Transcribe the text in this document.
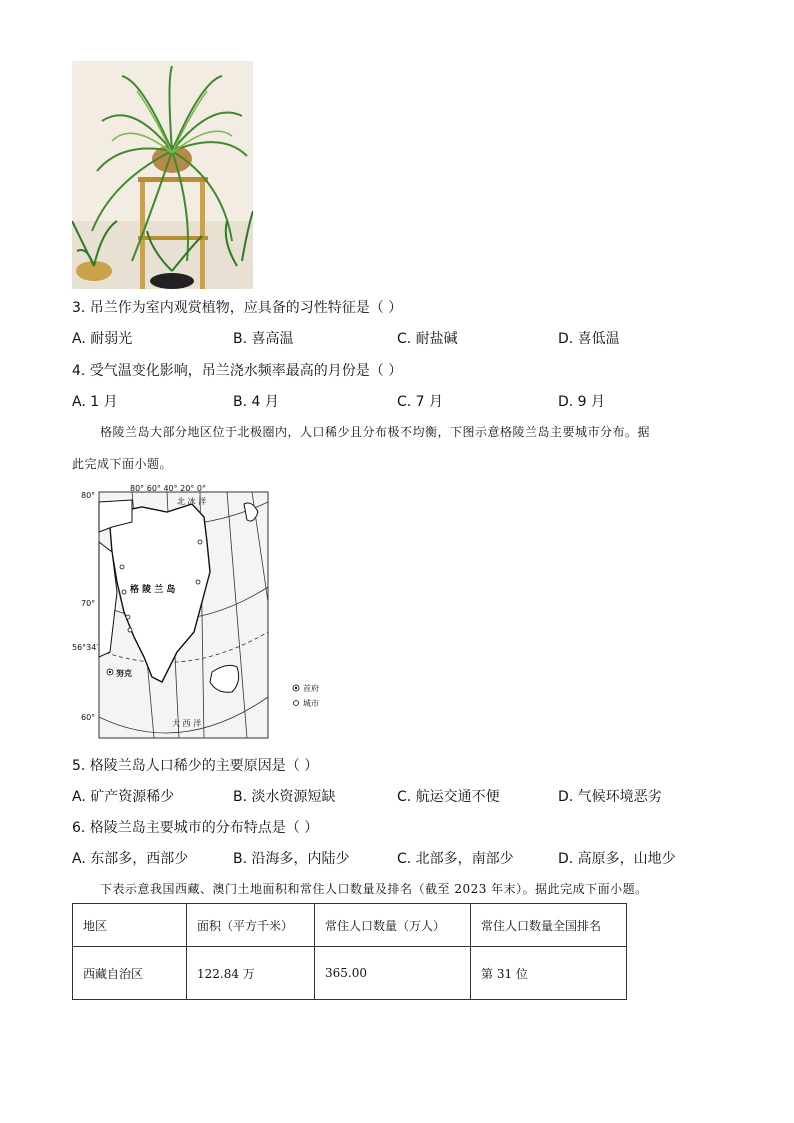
3. 吊兰作为室内观赏植物，应具备的习性特征是（ ）
A. 耐弱光	B. 喜高温	C. 耐盐碱	D. 喜低温
4. 受气温变化影响，吊兰浇水频率最高的月份是（ ）
A. 1 月	B. 4 月	C. 7 月	D. 9 月
格陵兰岛大部分地区位于北极圈内，人口稀少且分布极不均衡，下图示意格陵兰岛主要城市分布。据
此完成下面小题。
80° 60° 40° 20° 0°
80°
70°
56°34′
60°
北 冰 洋
大 西 洋
格 陵 兰 岛
努克
首府
城市
5. 格陵兰岛人口稀少的主要原因是（ ）
A. 矿产资源稀少	B. 淡水资源短缺	C. 航运交通不便	D. 气候环境恶劣
6. 格陵兰岛主要城市的分布特点是（ ）
A. 东部多，西部少	B. 沿海多，内陆少	C. 北部多，南部少	D. 高原多，山地少
下表示意我国西藏、澳门土地面积和常住人口数量及排名（截至 2023 年末）。据此完成下面小题。
地区	面积（平方千米）	常住人口数量（万人）	常住人口数量全国排名
西藏自治区	122.84 万	365.00	第 31 位
